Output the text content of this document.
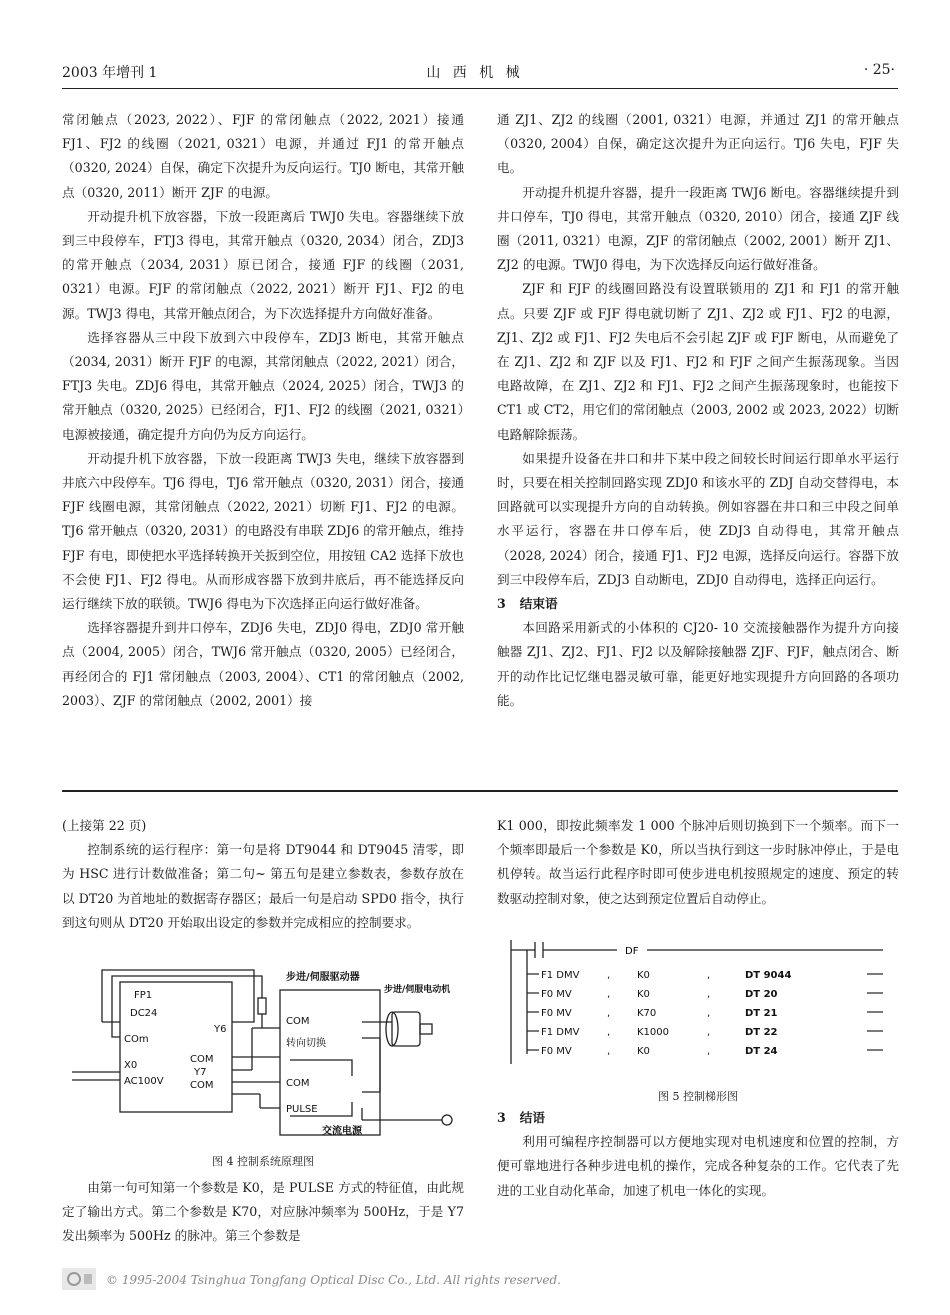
2003 年增刊 1	山 西 机 械	· 25·

常闭触点（2023, 2022）、FJF 的常闭触点（2022, 2021）接通 FJ1、FJ2 的线圈（2021, 0321）电源，并通过 FJ1 的常开触点（0320, 2024）自保，确定下次提升为反向运行。TJ0 断电，其常开触点（0320, 2011）断开 ZJF 的电源。

开动提升机下放容器，下放一段距离后 TWJ0 失电。容器继续下放到三中段停车，FTJ3 得电，其常开触点（0320, 2034）闭合，ZDJ3 的常开触点（2034, 2031）原已闭合，接通 FJF 的线圈（2031, 0321）电源。FJF 的常闭触点（2022, 2021）断开 FJ1、FJ2 的电源。TWJ3 得电，其常开触点闭合，为下次选择提升方向做好准备。

选择容器从三中段下放到六中段停车，ZDJ3 断电，其常开触点（2034, 2031）断开 FJF 的电源，其常闭触点（2022, 2021）闭合，FTJ3 失电。ZDJ6 得电，其常开触点（2024, 2025）闭合，TWJ3 的常开触点（0320, 2025）已经闭合，FJ1、FJ2 的线圈（2021, 0321）电源被接通，确定提升方向仍为反方向运行。

开动提升机下放容器，下放一段距离 TWJ3 失电，继续下放容器到井底六中段停车。TJ6 得电，TJ6 常开触点（0320, 2031）闭合，接通 FJF 线圈电源，其常闭触点（2022, 2021）切断 FJ1、FJ2 的电源。TJ6 常开触点（0320, 2031）的电路没有串联 ZDJ6 的常开触点，维持 FJF 有电，即使把水平选择转换开关扳到空位，用按钮 CA2 选择下放也不会使 FJ1、FJ2 得电。从而形成容器下放到井底后，再不能选择反向运行继续下放的联锁。TWJ6 得电为下次选择正向运行做好准备。

选择容器提升到井口停车，ZDJ6 失电，ZDJ0 得电，ZDJ0 常开触点（2004, 2005）闭合，TWJ6 常开触点（0320, 2005）已经闭合，再经闭合的 FJ1 常闭触点（2003, 2004）、CT1 的常闭触点（2002, 2003）、ZJF 的常闭触点（2002, 2001）接

通 ZJ1、ZJ2 的线圈（2001, 0321）电源，并通过 ZJ1 的常开触点（0320, 2004）自保，确定这次提升为正向运行。TJ6 失电，FJF 失电。

开动提升机提升容器，提升一段距离 TWJ6 断电。容器继续提升到井口停车，TJ0 得电，其常开触点（0320, 2010）闭合，接通 ZJF 线圈（2011, 0321）电源，ZJF 的常闭触点（2002, 2001）断开 ZJ1、ZJ2 的电源。TWJ0 得电，为下次选择反向运行做好准备。

ZJF 和 FJF 的线圈回路没有设置联锁用的 ZJ1 和 FJ1 的常开触点。只要 ZJF 或 FJF 得电就切断了 ZJ1、ZJ2 或 FJ1、FJ2 的电源，ZJ1、ZJ2 或 FJ1、FJ2 失电后不会引起 ZJF 或 FJF 断电，从而避免了在 ZJ1、ZJ2 和 ZJF 以及 FJ1、FJ2 和 FJF 之间产生振荡现象。当因电路故障，在 ZJ1、ZJ2 和 FJ1、FJ2 之间产生振荡现象时，也能按下 CT1 或 CT2，用它们的常闭触点（2003, 2002 或 2023, 2022）切断电路解除振荡。

如果提升设备在井口和井下某中段之间较长时间运行即单水平运行时，只要在相关控制回路实现 ZDJ0 和该水平的 ZDJ 自动交替得电，本回路就可以实现提升方向的自动转换。例如容器在井口和三中段之间单水平运行，容器在井口停车后，使 ZDJ3 自动得电，其常开触点（2028, 2024）闭合，接通 FJ1、FJ2 电源，选择反向运行。容器下放到三中段停车后，ZDJ3 自动断电，ZDJ0 自动得电，选择正向运行。

3 结束语

本回路采用新式的小体积的 CJ20- 10 交流接触器作为提升方向接触器 ZJ1、ZJ2、FJ1、FJ2 以及解除接触器 ZJF、FJF，触点闭合、断开的动作比记忆继电器灵敏可靠，能更好地实现提升方向回路的各项功能。

(上接第 22 页)

控制系统的运行程序：第一句是将 DT9044 和 DT9045 清零，即为 HSC 进行计数做准备；第二句~ 第五句是建立参数表，参数存放在以 DT20 为首地址的数据寄存器区；最后一句是启动 SPD0 指令，执行到这句则从 DT20 开始取出设定的参数并完成相应的控制要求。

FP1
DC24
COm
X0
AC100V
Y6
COM
Y7
COM
COM
转向切换
COM
PULSE
步进/伺服驱动器
步进/伺服电动机
交流电源
图 4 控制系统原理图

由第一句可知第一个参数是 K0，是 PULSE 方式的特征值，由此规定了输出方式。第二个参数是 K70，对应脉冲频率为 500Hz，于是 Y7 发出频率为 500Hz 的脉冲。第三个参数是

K1 000，即按此频率发 1 000 个脉冲后则切换到下一个频率。而下一个频率即最后一个参数是 K0，所以当执行到这一步时脉冲停止，于是电机停转。故当运行此程序时即可使步进电机按照规定的速度、预定的转数驱动控制对象，使之达到预定位置后自动停止。

DF
F1 DMV	,	K0	,	DT 9044
F0 MV	,	K0	,	DT 20
F0 MV	,	K70	,	DT 21
F1 DMV	,	K1000	,	DT 22
F0 MV	,	K0	,	DT 24
图 5 控制梯形图

3 结语

利用可编程序控制器可以方便地实现对电机速度和位置的控制，方便可靠地进行各种步进电机的操作，完成各种复杂的工作。它代表了先进的工业自动化革命，加速了机电一体化的实现。

© 1995-2004 Tsinghua Tongfang Optical Disc Co., Ltd. All rights reserved.
